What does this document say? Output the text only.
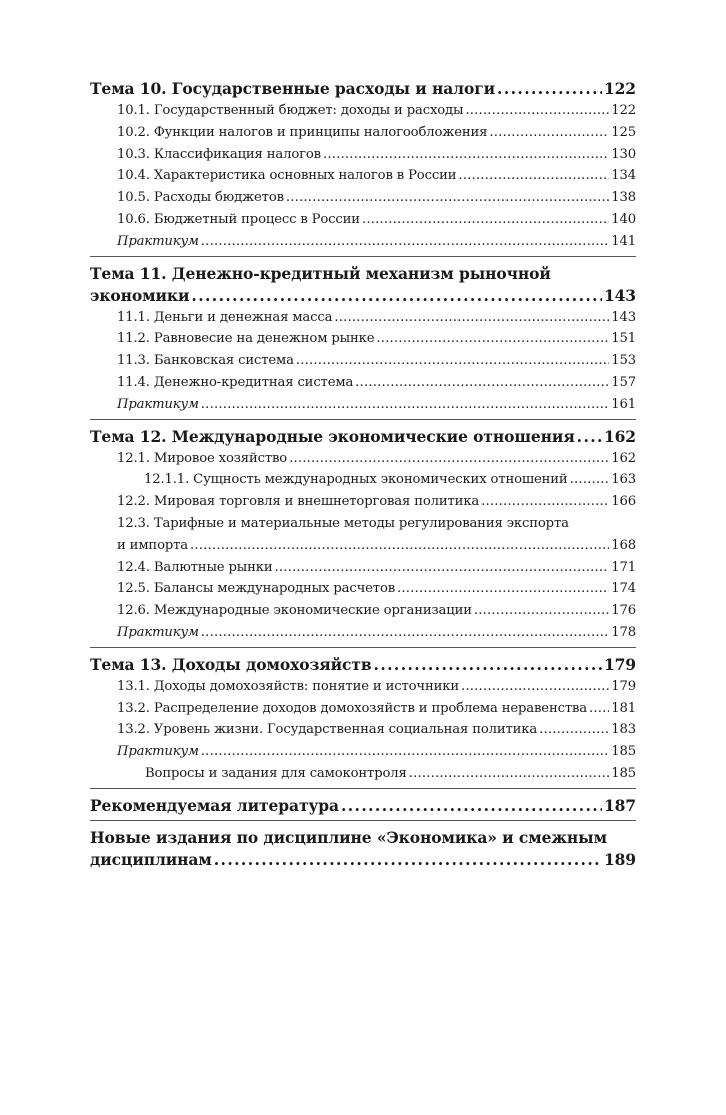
Тема 10. Государственные расходы и налоги . . .	122
10.1. Государственный бюджет: доходы и расходы . . .	122
10.2. Функции налогов и принципы налогообложения . . .	125
10.3. Классификация налогов . . .	130
10.4. Характеристика основных налогов в России . . .	134
10.5. Расходы бюджетов . . .	138
10.6. Бюджетный процесс в России . . .	140
Практикум . . .	141
Тема 11. Денежно-кредитный механизм рыночной
экономики . . .	143
11.1. Деньги и денежная масса . . .	143
11.2. Равновесие на денежном рынке . . .	151
11.3. Банковская система . . .	153
11.4. Денежно-кредитная система . . .	157
Практикум . . .	161
Тема 12. Международные экономические отношения . . . 162
12.1. Мировое хозяйство . . .	162
12.1.1. Сущность международных экономических отношений . . .	163
12.2. Мировая торговля и внешнеторговая политика . . .	166
12.3. Тарифные и материальные методы регулирования экспорта
и импорта . . .	168
12.4. Валютные рынки . . .	171
12.5. Балансы международных расчетов . . .	174
12.6. Международные экономические организации . . .	176
Практикум . . .	178
Тема 13. Доходы домохозяйств . . .	179
13.1. Доходы домохозяйств: понятие и источники . . .	179
13.2. Распределение доходов домохозяйств и проблема неравенства . . . 181
13.2. Уровень жизни. Государственная социальная политика . . .	183
Практикум . . .	185
Вопросы и задания для самоконтроля . . .	185
Рекомендуемая литература . . .	187
Новые издания по дисциплине «Экономика» и смежным
дисциплинам . . .	189
